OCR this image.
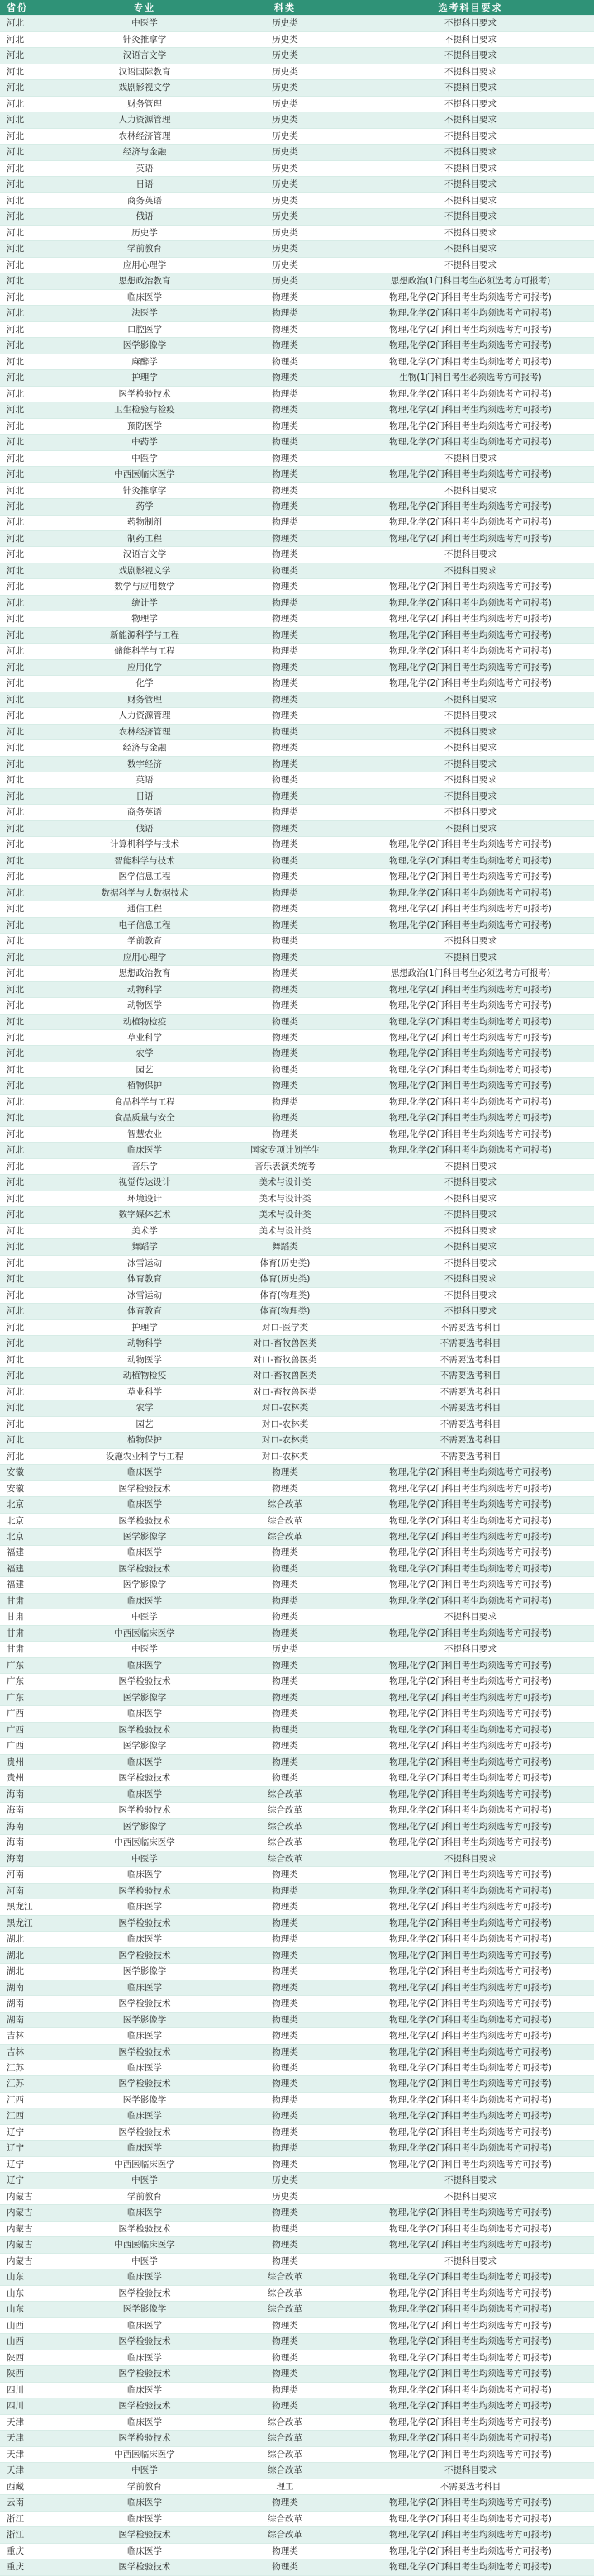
省份	专业	科类	选考科目要求
河北	中医学	历史类	不提科目要求
河北	针灸推拿学	历史类	不提科目要求
河北	汉语言文学	历史类	不提科目要求
河北	汉语国际教育	历史类	不提科目要求
河北	戏剧影视文学	历史类	不提科目要求
河北	财务管理	历史类	不提科目要求
河北	人力资源管理	历史类	不提科目要求
河北	农林经济管理	历史类	不提科目要求
河北	经济与金融	历史类	不提科目要求
河北	英语	历史类	不提科目要求
河北	日语	历史类	不提科目要求
河北	商务英语	历史类	不提科目要求
河北	俄语	历史类	不提科目要求
河北	历史学	历史类	不提科目要求
河北	学前教育	历史类	不提科目要求
河北	应用心理学	历史类	不提科目要求
河北	思想政治教育	历史类	思想政治(1门科目考生必须选考方可报考)
河北	临床医学	物理类	物理,化学(2门科目考生均须选考方可报考)
河北	法医学	物理类	物理,化学(2门科目考生均须选考方可报考)
河北	口腔医学	物理类	物理,化学(2门科目考生均须选考方可报考)
河北	医学影像学	物理类	物理,化学(2门科目考生均须选考方可报考)
河北	麻醉学	物理类	物理,化学(2门科目考生均须选考方可报考)
河北	护理学	物理类	生物(1门科目考生必须选考方可报考)
河北	医学检验技术	物理类	物理,化学(2门科目考生均须选考方可报考)
河北	卫生检验与检疫	物理类	物理,化学(2门科目考生均须选考方可报考)
河北	预防医学	物理类	物理,化学(2门科目考生均须选考方可报考)
河北	中药学	物理类	物理,化学(2门科目考生均须选考方可报考)
河北	中医学	物理类	不提科目要求
河北	中西医临床医学	物理类	物理,化学(2门科目考生均须选考方可报考)
河北	针灸推拿学	物理类	不提科目要求
河北	药学	物理类	物理,化学(2门科目考生均须选考方可报考)
河北	药物制剂	物理类	物理,化学(2门科目考生均须选考方可报考)
河北	制药工程	物理类	物理,化学(2门科目考生均须选考方可报考)
河北	汉语言文学	物理类	不提科目要求
河北	戏剧影视文学	物理类	不提科目要求
河北	数学与应用数学	物理类	物理,化学(2门科目考生均须选考方可报考)
河北	统计学	物理类	物理,化学(2门科目考生均须选考方可报考)
河北	物理学	物理类	物理,化学(2门科目考生均须选考方可报考)
河北	新能源科学与工程	物理类	物理,化学(2门科目考生均须选考方可报考)
河北	储能科学与工程	物理类	物理,化学(2门科目考生均须选考方可报考)
河北	应用化学	物理类	物理,化学(2门科目考生均须选考方可报考)
河北	化学	物理类	物理,化学(2门科目考生均须选考方可报考)
河北	财务管理	物理类	不提科目要求
河北	人力资源管理	物理类	不提科目要求
河北	农林经济管理	物理类	不提科目要求
河北	经济与金融	物理类	不提科目要求
河北	数字经济	物理类	不提科目要求
河北	英语	物理类	不提科目要求
河北	日语	物理类	不提科目要求
河北	商务英语	物理类	不提科目要求
河北	俄语	物理类	不提科目要求
河北	计算机科学与技术	物理类	物理,化学(2门科目考生均须选考方可报考)
河北	智能科学与技术	物理类	物理,化学(2门科目考生均须选考方可报考)
河北	医学信息工程	物理类	物理,化学(2门科目考生均须选考方可报考)
河北	数据科学与大数据技术	物理类	物理,化学(2门科目考生均须选考方可报考)
河北	通信工程	物理类	物理,化学(2门科目考生均须选考方可报考)
河北	电子信息工程	物理类	物理,化学(2门科目考生均须选考方可报考)
河北	学前教育	物理类	不提科目要求
河北	应用心理学	物理类	不提科目要求
河北	思想政治教育	物理类	思想政治(1门科目考生必须选考方可报考)
河北	动物科学	物理类	物理,化学(2门科目考生均须选考方可报考)
河北	动物医学	物理类	物理,化学(2门科目考生均须选考方可报考)
河北	动植物检疫	物理类	物理,化学(2门科目考生均须选考方可报考)
河北	草业科学	物理类	物理,化学(2门科目考生均须选考方可报考)
河北	农学	物理类	物理,化学(2门科目考生均须选考方可报考)
河北	园艺	物理类	物理,化学(2门科目考生均须选考方可报考)
河北	植物保护	物理类	物理,化学(2门科目考生均须选考方可报考)
河北	食品科学与工程	物理类	物理,化学(2门科目考生均须选考方可报考)
河北	食品质量与安全	物理类	物理,化学(2门科目考生均须选考方可报考)
河北	智慧农业	物理类	物理,化学(2门科目考生均须选考方可报考)
河北	临床医学	国家专项计划学生	物理,化学(2门科目考生均须选考方可报考)
河北	音乐学	音乐表演类统考	不提科目要求
河北	视觉传达设计	美术与设计类	不提科目要求
河北	环境设计	美术与设计类	不提科目要求
河北	数字媒体艺术	美术与设计类	不提科目要求
河北	美术学	美术与设计类	不提科目要求
河北	舞蹈学	舞蹈类	不提科目要求
河北	冰雪运动	体育(历史类)	不提科目要求
河北	体育教育	体育(历史类)	不提科目要求
河北	冰雪运动	体育(物理类)	不提科目要求
河北	体育教育	体育(物理类)	不提科目要求
河北	护理学	对口-医学类	不需要选考科目
河北	动物科学	对口-畜牧兽医类	不需要选考科目
河北	动物医学	对口-畜牧兽医类	不需要选考科目
河北	动植物检疫	对口-畜牧兽医类	不需要选考科目
河北	草业科学	对口-畜牧兽医类	不需要选考科目
河北	农学	对口-农林类	不需要选考科目
河北	园艺	对口-农林类	不需要选考科目
河北	植物保护	对口-农林类	不需要选考科目
河北	设施农业科学与工程	对口-农林类	不需要选考科目
安徽	临床医学	物理类	物理,化学(2门科目考生均须选考方可报考)
安徽	医学检验技术	物理类	物理,化学(2门科目考生均须选考方可报考)
北京	临床医学	综合改革	物理,化学(2门科目考生均须选考方可报考)
北京	医学检验技术	综合改革	物理,化学(2门科目考生均须选考方可报考)
北京	医学影像学	综合改革	物理,化学(2门科目考生均须选考方可报考)
福建	临床医学	物理类	物理,化学(2门科目考生均须选考方可报考)
福建	医学检验技术	物理类	物理,化学(2门科目考生均须选考方可报考)
福建	医学影像学	物理类	物理,化学(2门科目考生均须选考方可报考)
甘肃	临床医学	物理类	物理,化学(2门科目考生均须选考方可报考)
甘肃	中医学	物理类	不提科目要求
甘肃	中西医临床医学	物理类	物理,化学(2门科目考生均须选考方可报考)
甘肃	中医学	历史类	不提科目要求
广东	临床医学	物理类	物理,化学(2门科目考生均须选考方可报考)
广东	医学检验技术	物理类	物理,化学(2门科目考生均须选考方可报考)
广东	医学影像学	物理类	物理,化学(2门科目考生均须选考方可报考)
广西	临床医学	物理类	物理,化学(2门科目考生均须选考方可报考)
广西	医学检验技术	物理类	物理,化学(2门科目考生均须选考方可报考)
广西	医学影像学	物理类	物理,化学(2门科目考生均须选考方可报考)
贵州	临床医学	物理类	物理,化学(2门科目考生均须选考方可报考)
贵州	医学检验技术	物理类	物理,化学(2门科目考生均须选考方可报考)
海南	临床医学	综合改革	物理,化学(2门科目考生均须选考方可报考)
海南	医学检验技术	综合改革	物理,化学(2门科目考生均须选考方可报考)
海南	医学影像学	综合改革	物理,化学(2门科目考生均须选考方可报考)
海南	中西医临床医学	综合改革	物理,化学(2门科目考生均须选考方可报考)
海南	中医学	综合改革	不提科目要求
河南	临床医学	物理类	物理,化学(2门科目考生均须选考方可报考)
河南	医学检验技术	物理类	物理,化学(2门科目考生均须选考方可报考)
黑龙江	临床医学	物理类	物理,化学(2门科目考生均须选考方可报考)
黑龙江	医学检验技术	物理类	物理,化学(2门科目考生均须选考方可报考)
湖北	临床医学	物理类	物理,化学(2门科目考生均须选考方可报考)
湖北	医学检验技术	物理类	物理,化学(2门科目考生均须选考方可报考)
湖北	医学影像学	物理类	物理,化学(2门科目考生均须选考方可报考)
湖南	临床医学	物理类	物理,化学(2门科目考生均须选考方可报考)
湖南	医学检验技术	物理类	物理,化学(2门科目考生均须选考方可报考)
湖南	医学影像学	物理类	物理,化学(2门科目考生均须选考方可报考)
吉林	临床医学	物理类	物理,化学(2门科目考生均须选考方可报考)
吉林	医学检验技术	物理类	物理,化学(2门科目考生均须选考方可报考)
江苏	临床医学	物理类	物理,化学(2门科目考生均须选考方可报考)
江苏	医学检验技术	物理类	物理,化学(2门科目考生均须选考方可报考)
江西	医学影像学	物理类	物理,化学(2门科目考生均须选考方可报考)
江西	临床医学	物理类	物理,化学(2门科目考生均须选考方可报考)
辽宁	医学检验技术	物理类	物理,化学(2门科目考生均须选考方可报考)
辽宁	临床医学	物理类	物理,化学(2门科目考生均须选考方可报考)
辽宁	中西医临床医学	物理类	物理,化学(2门科目考生均须选考方可报考)
辽宁	中医学	历史类	不提科目要求
内蒙古	学前教育	历史类	不提科目要求
内蒙古	临床医学	物理类	物理,化学(2门科目考生均须选考方可报考)
内蒙古	医学检验技术	物理类	物理,化学(2门科目考生均须选考方可报考)
内蒙古	中西医临床医学	物理类	物理,化学(2门科目考生均须选考方可报考)
内蒙古	中医学	物理类	不提科目要求
山东	临床医学	综合改革	物理,化学(2门科目考生均须选考方可报考)
山东	医学检验技术	综合改革	物理,化学(2门科目考生均须选考方可报考)
山东	医学影像学	综合改革	物理,化学(2门科目考生均须选考方可报考)
山西	临床医学	物理类	物理,化学(2门科目考生均须选考方可报考)
山西	医学检验技术	物理类	物理,化学(2门科目考生均须选考方可报考)
陕西	临床医学	物理类	物理,化学(2门科目考生均须选考方可报考)
陕西	医学检验技术	物理类	物理,化学(2门科目考生均须选考方可报考)
四川	临床医学	物理类	物理,化学(2门科目考生均须选考方可报考)
四川	医学检验技术	物理类	物理,化学(2门科目考生均须选考方可报考)
天津	临床医学	综合改革	物理,化学(2门科目考生均须选考方可报考)
天津	医学检验技术	综合改革	物理,化学(2门科目考生均须选考方可报考)
天津	中西医临床医学	综合改革	物理,化学(2门科目考生均须选考方可报考)
天津	中医学	综合改革	不提科目要求
西藏	学前教育	理工	不需要选考科目
云南	临床医学	物理类	物理,化学(2门科目考生均须选考方可报考)
浙江	临床医学	综合改革	物理,化学(2门科目考生均须选考方可报考)
浙江	医学检验技术	综合改革	物理,化学(2门科目考生均须选考方可报考)
重庆	临床医学	物理类	物理,化学(2门科目考生均须选考方可报考)
重庆	医学检验技术	物理类	物理,化学(2门科目考生均须选考方可报考)
